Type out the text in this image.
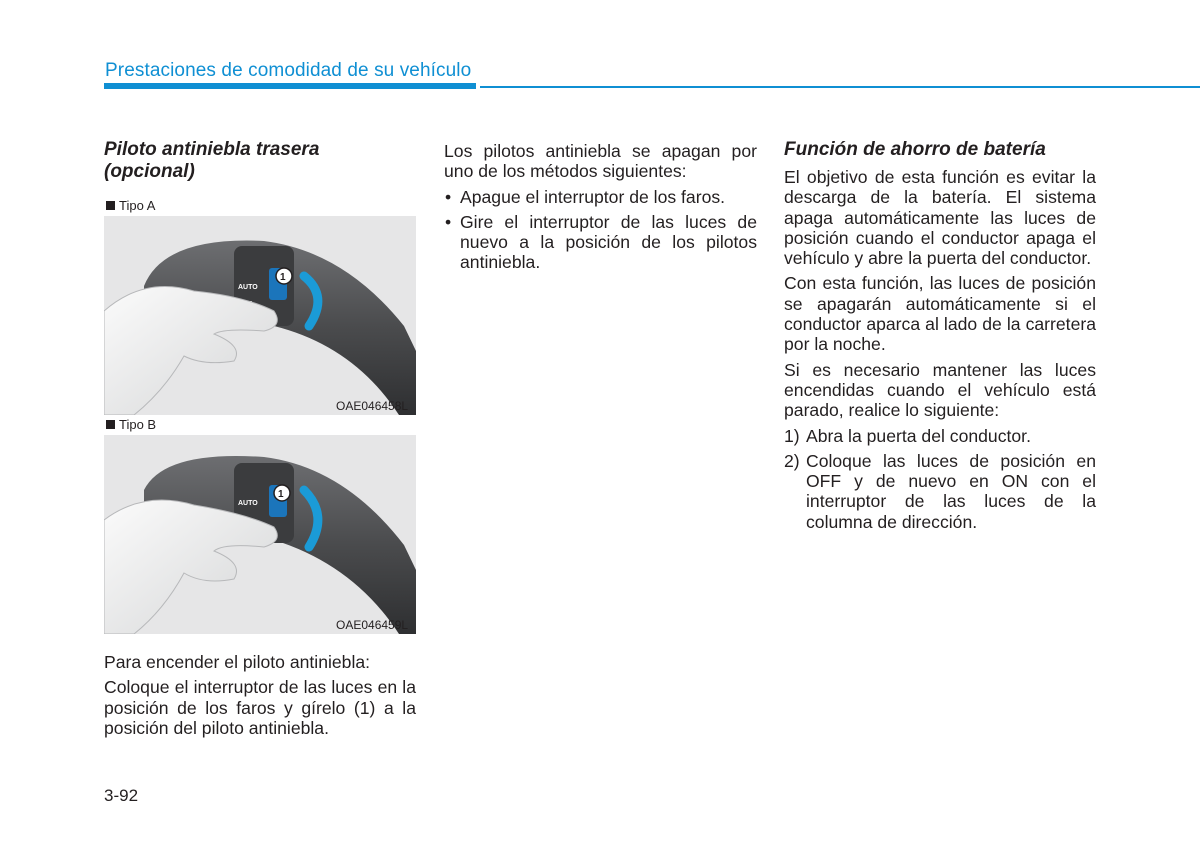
Prestaciones de comodidad de su vehículo
Piloto antiniebla trasera
(opcional)
Tipo A
1
AUTO
OAE046458L
Tipo B
1
AUTO
OAE046459L

Para encender el piloto antiniebla:

Coloque el interruptor de las luces en la posición de los faros y gírelo (1) a la posición del piloto antiniebla.

Los pilotos antiniebla se apagan por uno de los métodos siguientes:

• Apague el interruptor de los faros.
• Gire el interruptor de las luces de nuevo a la posición de los pilotos antiniebla.
Función de ahorro de batería

El objetivo de esta función es evitar la descarga de la batería. El sistema apaga automáticamente las luces de posición cuando el conductor apaga el vehículo y abre la puerta del conductor.

Con esta función, las luces de posición se apagarán automáticamente si el conductor aparca al lado de la carretera por la noche.

Si es necesario mantener las luces encendidas cuando el vehículo está parado, realice lo siguiente:

1) Abra la puerta del conductor.
2) Coloque las luces de posición en OFF y de nuevo en ON con el interruptor de las luces de la columna de dirección.
3-92
